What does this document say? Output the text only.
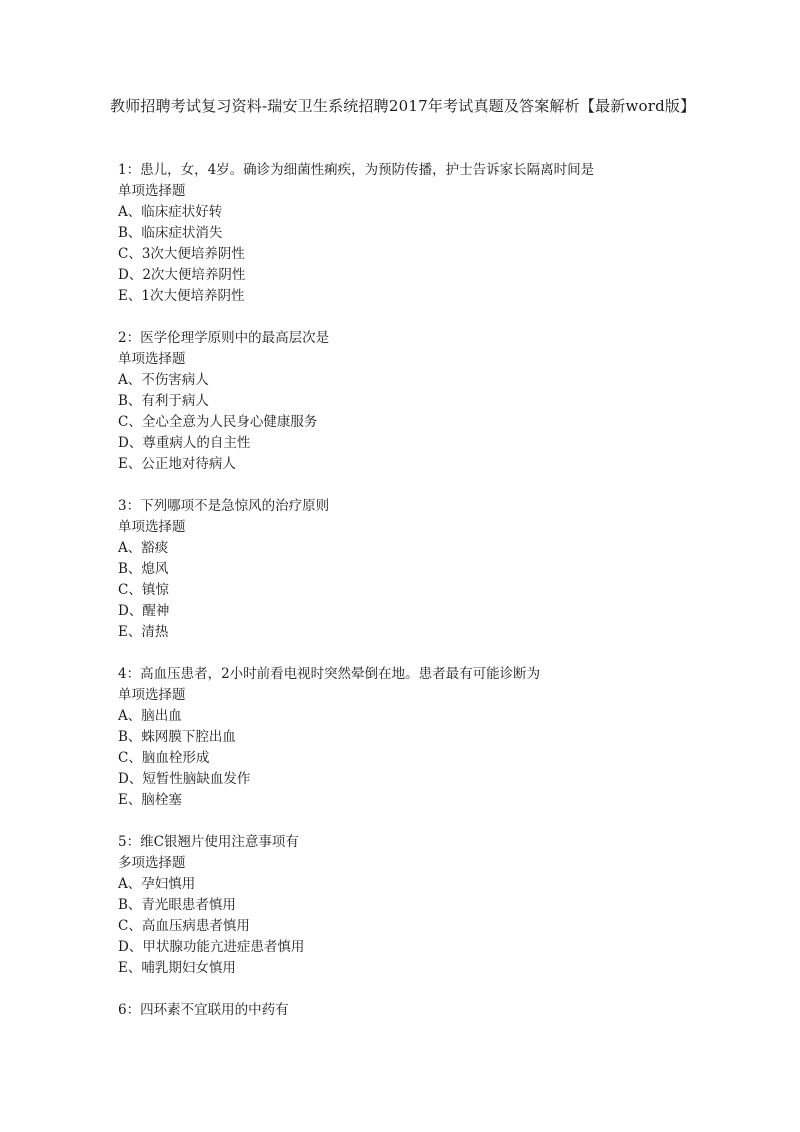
教师招聘考试复习资料-瑞安卫生系统招聘2017年考试真题及答案解析【最新word版】
1 ：	患儿，女，4岁。确诊为细菌性痢疾，为预防传播，护士告诉家长隔离时间是
单项选择题
A 、	临床症状好转
B 、	临床症状消失
C 、	3次大便培养阴性
D 、	2次大便培养阴性
E 、	1次大便培养阴性
2 ：	医学伦理学原则中的最高层次是
单项选择题
A 、	不伤害病人
B 、	有利于病人
C 、	全心全意为人民身心健康服务
D 、	尊重病人的自主性
E 、	公正地对待病人
3 ：	下列哪项不是急惊风的治疗原则
单项选择题
A 、	豁痰
B 、	熄风
C 、	镇惊
D 、	醒神
E 、	清热
4 ：	高血压患者，2小时前看电视时突然晕倒在地。患者最有可能诊断为
单项选择题
A 、	脑出血
B 、	蛛网膜下腔出血
C 、	脑血栓形成
D 、	短暂性脑缺血发作
E 、	脑栓塞
5 ：	维C银翘片使用注意事项有
多项选择题
A 、	孕妇慎用
B 、	青光眼患者慎用
C 、	高血压病患者慎用
D 、	甲状腺功能亢进症患者慎用
E 、	哺乳期妇女慎用
6 ：	四环素不宜联用的中药有
